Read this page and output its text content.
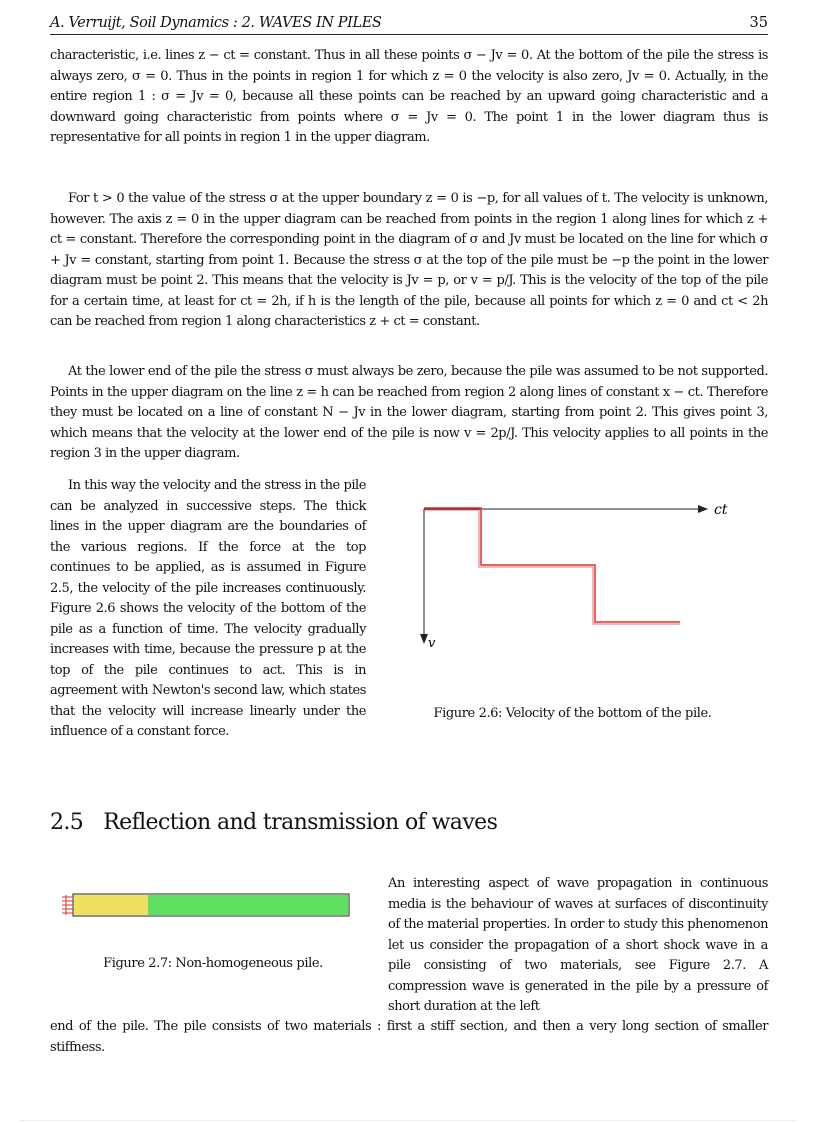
A. Verruijt, Soil Dynamics : 2. WAVES IN PILES	35

characteristic, i.e. lines z − ct = constant. Thus in all these points σ − Jv = 0. At the bottom of the pile the stress is always zero, σ = 0. Thus in the points in region 1 for which z = 0 the velocity is also zero, Jv = 0. Actually, in the entire region 1 : σ = Jv = 0, because all these points can be reached by an upward going characteristic and a downward going characteristic from points where σ = Jv = 0. The point 1 in the lower diagram thus is representative for all points in region 1 in the upper diagram.

For t > 0 the value of the stress σ at the upper boundary z = 0 is −p, for all values of t. The velocity is unknown, however. The axis z = 0 in the upper diagram can be reached from points in the region 1 along lines for which z + ct = constant. Therefore the corresponding point in the diagram of σ and Jv must be located on the line for which σ + Jv = constant, starting from point 1. Because the stress σ at the top of the pile must be −p the point in the lower diagram must be point 2. This means that the velocity is Jv = p, or v = p/J. This is the velocity of the top of the pile for a certain time, at least for ct = 2h, if h is the length of the pile, because all points for which z = 0 and ct < 2h can be reached from region 1 along characteristics z + ct = constant.

At the lower end of the pile the stress σ must always be zero, because the pile was assumed to be not supported. Points in the upper diagram on the line z = h can be reached from region 2 along lines of constant x − ct. Therefore they must be located on a line of constant N − Jv in the lower diagram, starting from point 2. This gives point 3, which means that the velocity at the lower end of the pile is now v = 2p/J. This velocity applies to all points in the region 3 in the upper diagram.

In this way the velocity and the stress in the pile can be analyzed in successive steps. The thick lines in the upper diagram are the boundaries of the various regions. If the force at the top continues to be applied, as is assumed in Figure 2.5, the velocity of the pile increases continuously. Figure 2.6 shows the velocity of the bottom of the pile as a function of time. The velocity gradually increases with time, because the pressure p at the top of the pile continues to act. This is in agreement with Newton's second law, which states that the velocity will increase linearly under the influence of a constant force.

ct
v
Figure 2.6: Velocity of the bottom of the pile.
2.5 Reflection and transmission of waves
Figure 2.7: Non-homogeneous pile.

An interesting aspect of wave propagation in continuous media is the behaviour of waves at surfaces of discontinuity of the material properties. In order to study this phenomenon let us consider the propagation of a short shock wave in a pile consisting of two materials, see Figure 2.7. A compression wave is generated in the pile by a pressure of short duration at the left

end of the pile. The pile consists of two materials : first a stiff section, and then a very long section of smaller stiffness.
